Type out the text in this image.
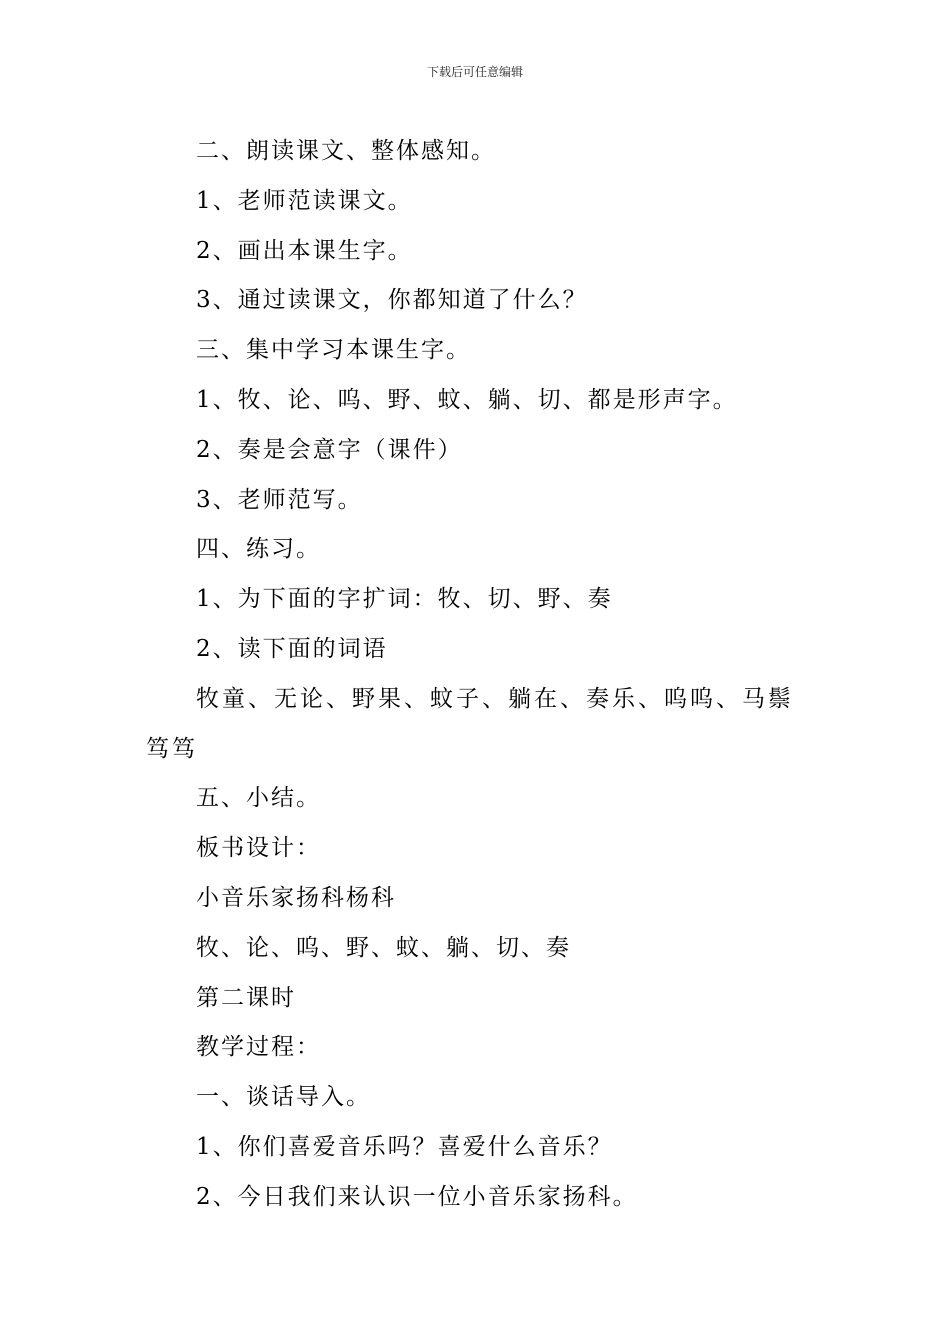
下载后可任意编辑

二、朗读课文、整体感知。

1、老师范读课文。

2、画出本课生字。

3、通过读课文，你都知道了什么？

三、集中学习本课生字。

1、牧、论、呜、野、蚊、躺、切、都是形声字。

2、奏是会意字（课件）

3、老师范写。

四、练习。

1、为下面的字扩词：牧、切、野、奏

2、读下面的词语

牧童、无论、野果、蚊子、躺在、奏乐、呜呜、马鬃笃笃

五、小结。

板书设计：

小音乐家扬科杨科

牧、论、呜、野、蚊、躺、切、奏

第二课时

教学过程：

一、谈话导入。

1、你们喜爱音乐吗？喜爱什么音乐？

2、今日我们来认识一位小音乐家扬科。
